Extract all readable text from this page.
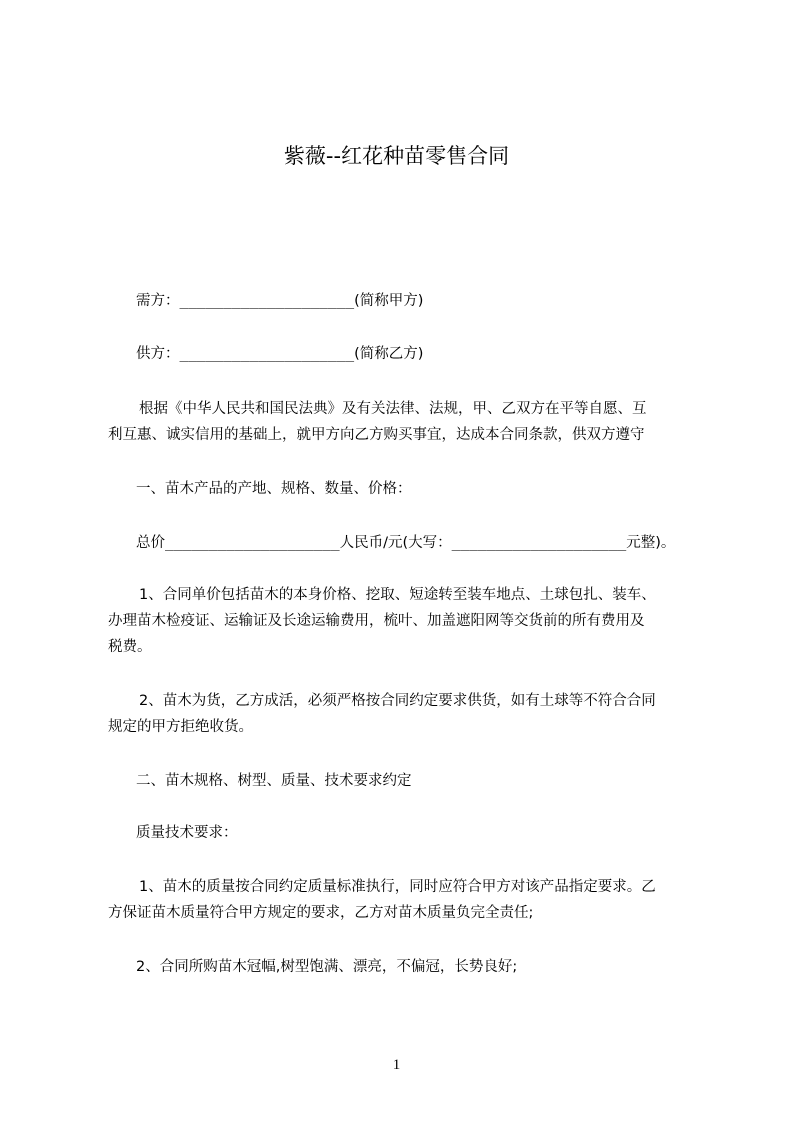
紫薇--红花种苗零售合同
需方：____________________(简称甲方)
供方：____________________(简称乙方)
根据《中华人民共和国民法典》及有关法律、法规，甲、乙双方在平等自愿、互
利互惠、诚实信用的基础上，就甲方向乙方购买事宜，达成本合同条款，供双方遵守
一、苗木产品的产地、规格、数量、价格：
总价____________________人民币/元(大写：____________________元整)。
1、合同单价包括苗木的本身价格、挖取、短途转至装车地点、土球包扎、装车、
办理苗木检疫证、运输证及长途运输费用，梳叶、加盖遮阳网等交货前的所有费用及
税费。
2、苗木为货，乙方成活，必须严格按合同约定要求供货，如有土球等不符合合同
规定的甲方拒绝收货。
二、苗木规格、树型、质量、技术要求约定
质量技术要求：
1、苗木的质量按合同约定质量标准执行，同时应符合甲方对该产品指定要求。乙
方保证苗木质量符合甲方规定的要求，乙方对苗木质量负完全责任;
2、合同所购苗木冠幅,树型饱满、漂亮，不偏冠，长势良好;
1
